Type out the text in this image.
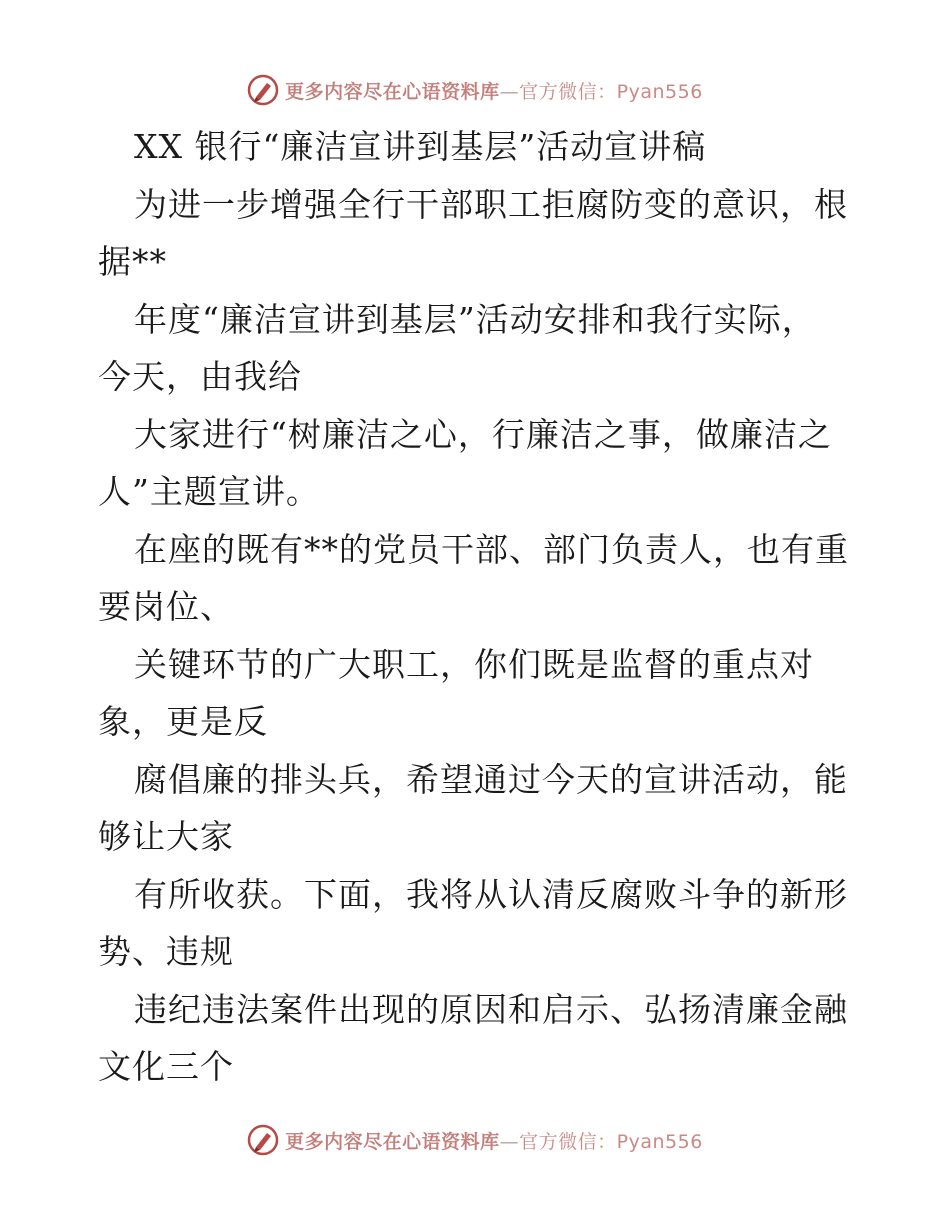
更多内容尽在心语资料库—官方微信：Pyan556
XX 银行“廉洁宣讲到基层”活动宣讲稿
为进一步增强全行干部职工拒腐防变的意识，根
据**
年度“廉洁宣讲到基层”活动安排和我行实际，
今天，由我给
大家进行“树廉洁之心，行廉洁之事，做廉洁之
人”主题宣讲。
在座的既有**的党员干部、部门负责人，也有重
要岗位、
关键环节的广大职工，你们既是监督的重点对
象，更是反
腐倡廉的排头兵，希望通过今天的宣讲活动，能
够让大家
有所收获。下面，我将从认清反腐败斗争的新形
势、违规
违纪违法案件出现的原因和启示、弘扬清廉金融
文化三个
更多内容尽在心语资料库—官方微信：Pyan556
